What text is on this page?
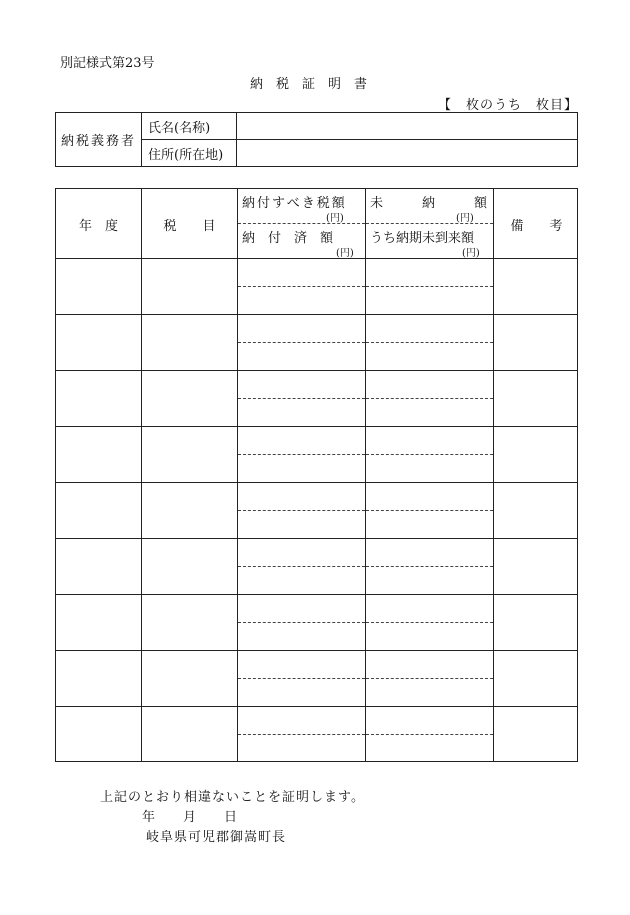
別記様式第23号
納税証明書
【　枚のうち　枚目】
納税義務者
氏名(名称)
住所(所在地)
年　度	税　　目
納付すべき税額
(円)
納　付　済　額
(円)
未　　　納　　　額
(円)
うち納期未到来額
(円)
備　　考
上記のとおり相違ないことを証明します。
年 月 日
岐阜県可児郡御嵩町長
